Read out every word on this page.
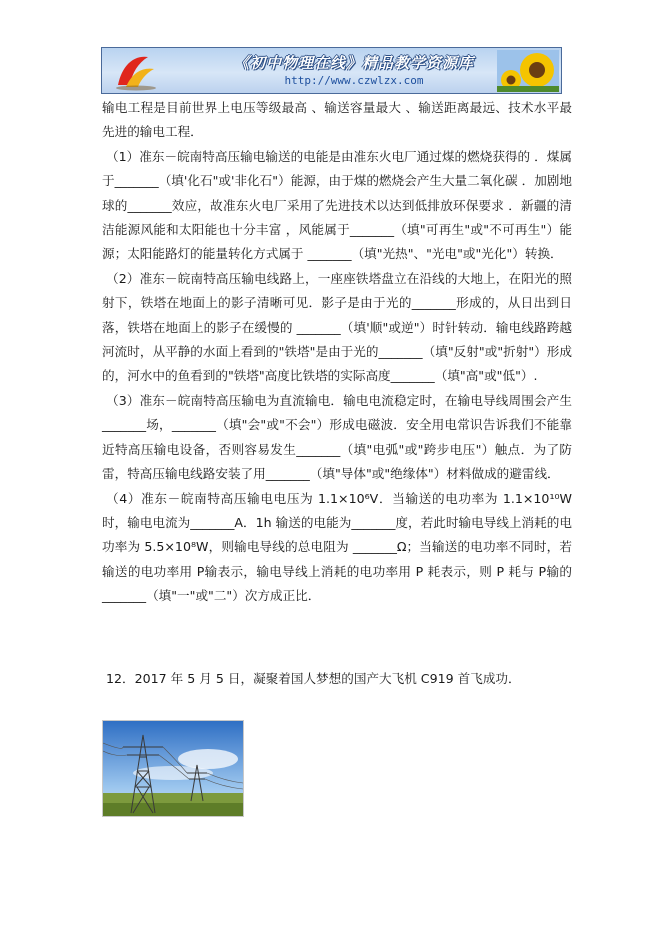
《初中物理在线》精品教学资源库
http://www.czwlzx.com

输电工程是目前世界上电压等级最高 、输送容量最大 、输送距离最远、技术水平最先进的输电工程．

（1）准东－皖南特高压输电输送的电能是由准东火电厂通过煤的燃烧获得的 ．煤属于_______（填'化石"或'非化石"）能源，由于煤的燃烧会产生大量二氧化碳 ．加剧地球的_______效应，故准东火电厂采用了先进技术以达到低排放环保要求 ．新疆的清洁能源风能和太阳能也十分丰富 ，风能属于_______（填"可再生"或"不可再生"）能源；太阳能路灯的能量转化方式属于 _______（填"光热"、"光电"或"光化"）转换．

（2）准东－皖南特高压输电线路上，一座座铁塔盘立在沿线的大地上，在阳光的照射下，铁塔在地面上的影子清晰可见．影子是由于光的_______形成的，从日出到日落，铁塔在地面上的影子在缓慢的 _______（填'顺"或逆"）时针转动．输电线路跨越河流时，从平静的水面上看到的"铁塔"是由于光的_______（填"反射"或"折射"）形成的，河水中的鱼看到的"铁塔"高度比铁塔的实际高度_______（填"高"或"低"）.

（3）准东－皖南特高压输电为直流输电．输电电流稳定时，在输电导线周围会产生_______场，_______（填"会"或"不会"）形成电磁波．安全用电常识告诉我们不能靠近特高压输电设备，否则容易发生_______（填"电弧"或"跨步电压"）触点．为了防雷，特高压输电线路安装了用_______（填"导体"或"绝缘体"）材料做成的避雷线．

（4）准东－皖南特高压输电电压为 1.1×10⁶V．当输送的电功率为 1.1×10¹⁰W 时，输电电流为_______A．1h 输送的电能为_______度，若此时输电导线上消耗的电功率为 5.5×10⁸W，则输电导线的总电阻为 _______Ω；当输送的电功率不同时，若输送的电功率用 P输表示，输电导线上消耗的电功率用 P 耗表示，则 P 耗与 P输的_______（填"一"或"二"）次方成正比．

12．2017 年 5 月 5 日，凝聚着国人梦想的国产大飞机 C919 首飞成功．
